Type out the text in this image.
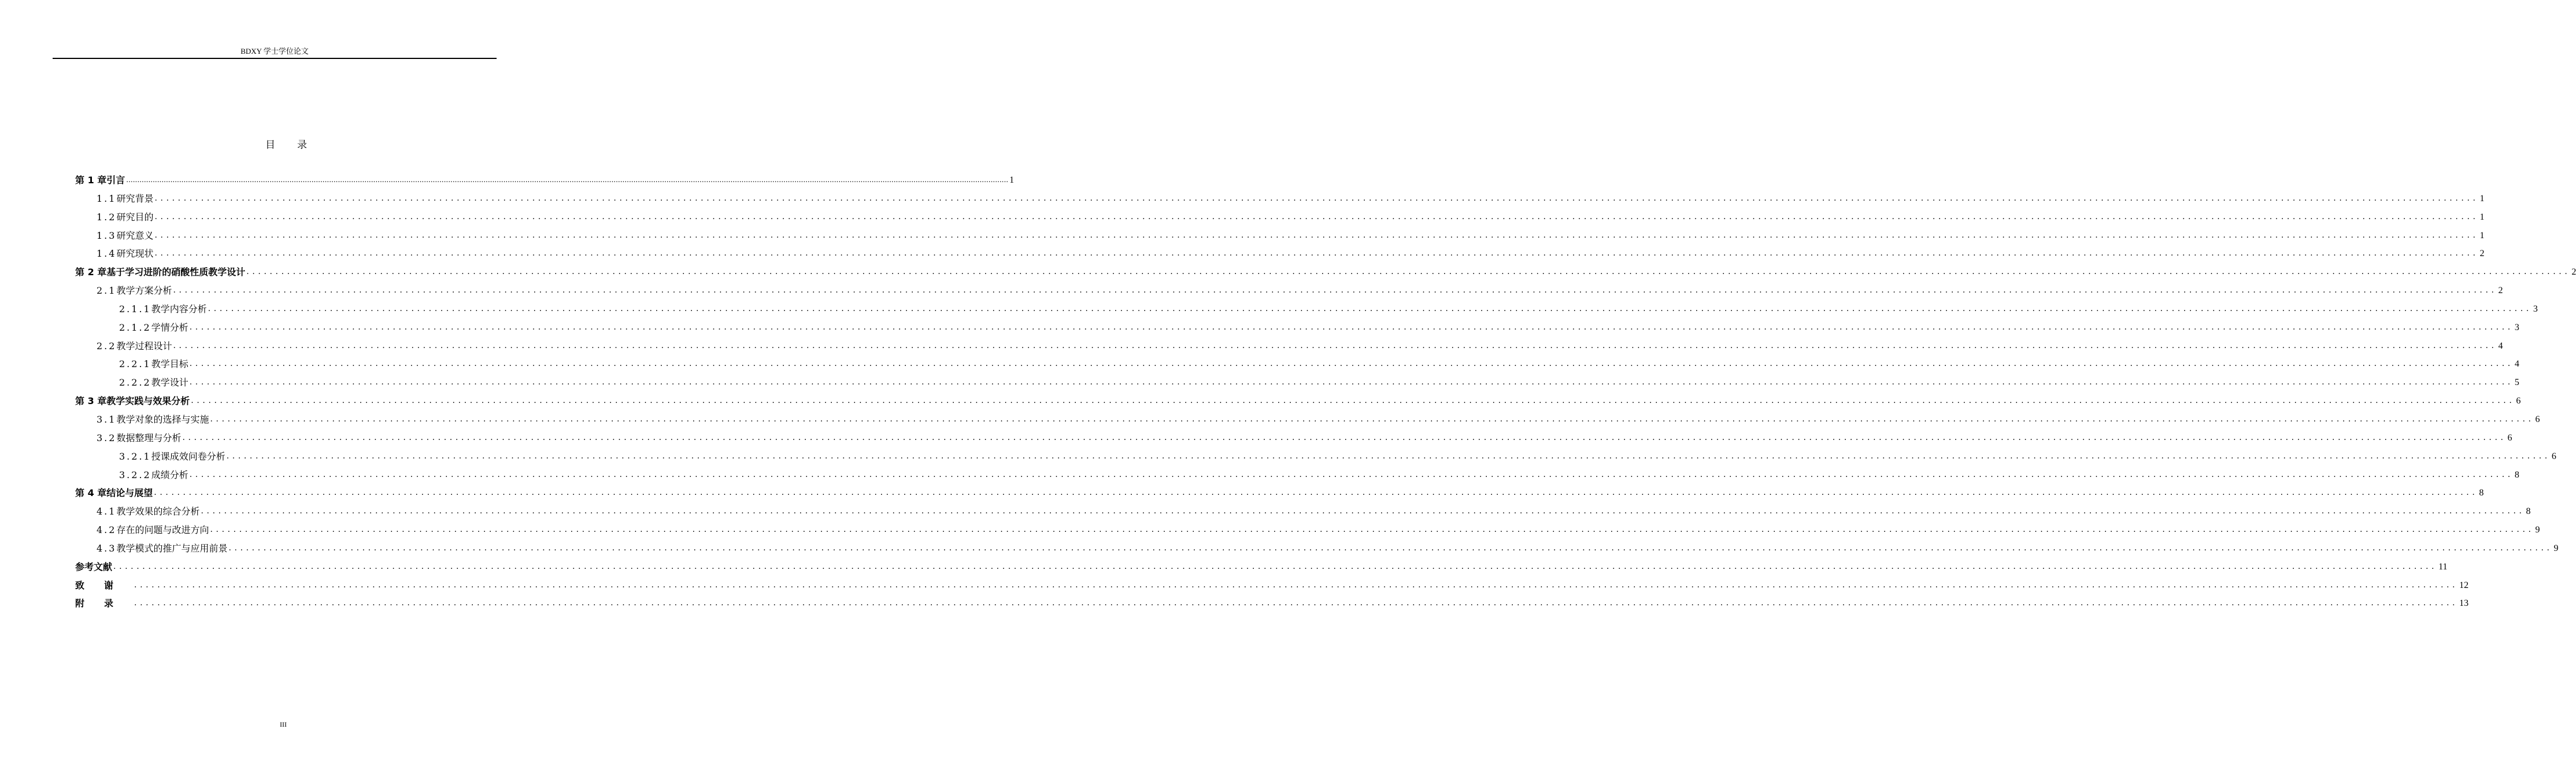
BDXY 学士学位论文
目 录
第 1 章 引言 ................................................................................................................................................................................................................................................................................................................................................................................................................ 1
1.1 研究背景 ................................................................................................................................................................................................................................................................................................................................................................................................................ 1
1.2 研究目的 ................................................................................................................................................................................................................................................................................................................................................................................................................ 1
1.3 研究意义 ................................................................................................................................................................................................................................................................................................................................................................................................................ 1
1.4 研究现状 ................................................................................................................................................................................................................................................................................................................................................................................................................ 2
第 2 章 基于学习进阶的硝酸性质教学设计 ................................................................................................................................................................................................................................................................................................................................................................................................................ 2
2.1 教学方案分析 ................................................................................................................................................................................................................................................................................................................................................................................................................ 2
2.1.1 教学内容分析 ................................................................................................................................................................................................................................................................................................................................................................................................................ 3
2.1.2 学情分析 ................................................................................................................................................................................................................................................................................................................................................................................................................ 3
2.2 教学过程设计 ................................................................................................................................................................................................................................................................................................................................................................................................................ 4
2.2.1 教学目标 ................................................................................................................................................................................................................................................................................................................................................................................................................ 4
2.2.2 教学设计 ................................................................................................................................................................................................................................................................................................................................................................................................................ 5
第 3 章 教学实践与效果分析 ................................................................................................................................................................................................................................................................................................................................................................................................................ 6
3.1 教学对象的选择与实施 ................................................................................................................................................................................................................................................................................................................................................................................................................ 6
3.2 数据整理与分析 ................................................................................................................................................................................................................................................................................................................................................................................................................ 6
3.2.1 授课成效问卷分析 ................................................................................................................................................................................................................................................................................................................................................................................................................ 6
3.2.2 成绩分析 ................................................................................................................................................................................................................................................................................................................................................................................................................ 8
第 4 章 结论与展望 ................................................................................................................................................................................................................................................................................................................................................................................................................ 8
4.1 教学效果的综合分析 ................................................................................................................................................................................................................................................................................................................................................................................................................ 8
4.2 存在的问题与改进方向 ................................................................................................................................................................................................................................................................................................................................................................................................................ 9
4.3 教学模式的推广与应用前景 ................................................................................................................................................................................................................................................................................................................................................................................................................ 9
参考文献 ................................................................................................................................................................................................................................................................................................................................................................................................................ 11
致谢 ................................................................................................................................................................................................................................................................................................................................................................................................................ 12
附录 ................................................................................................................................................................................................................................................................................................................................................................................................................ 13
III
